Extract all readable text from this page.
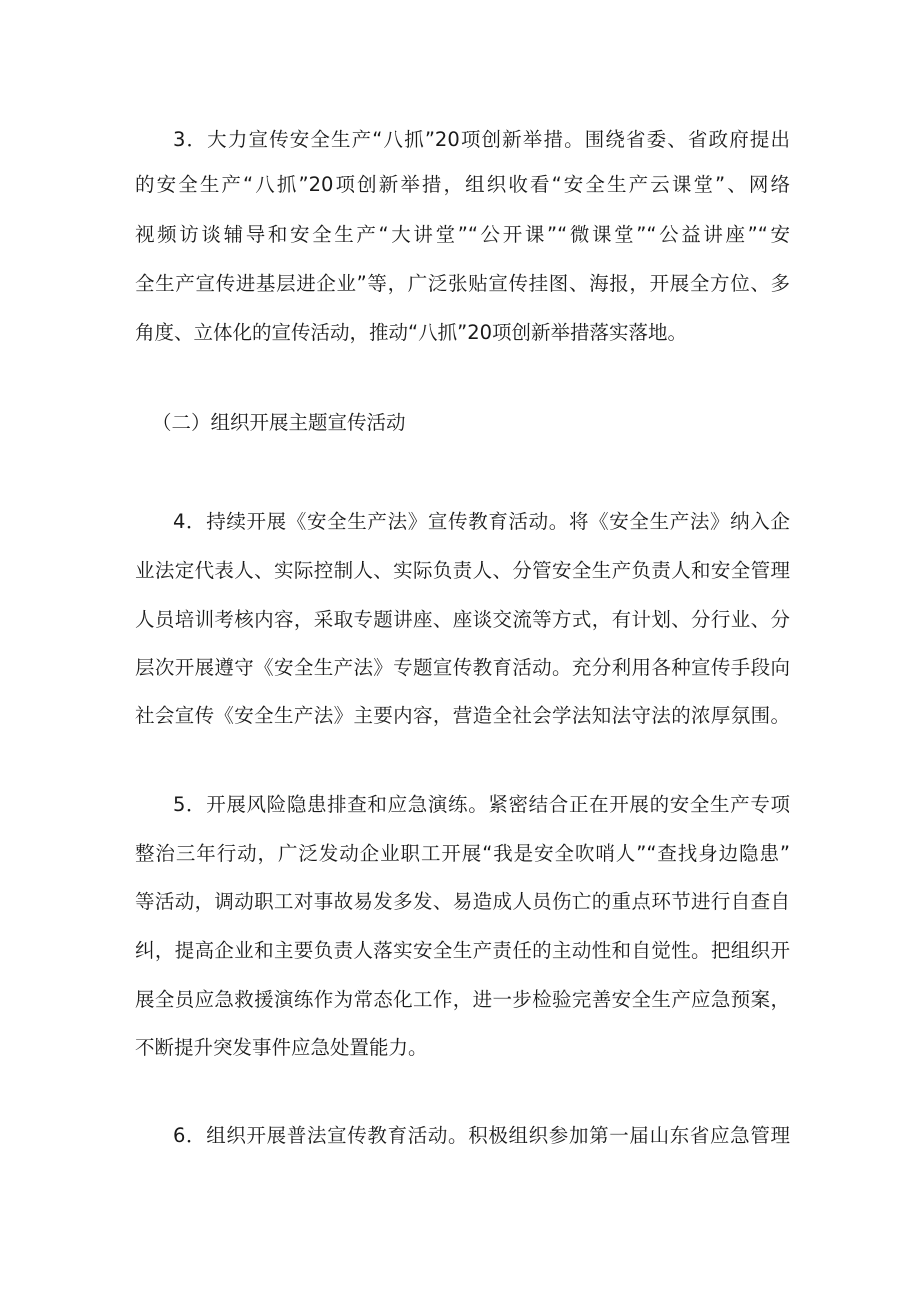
3．大力宣传安全生产“八抓”20项创新举措。围绕省委、省政府提出
的安全生产“八抓”20项创新举措，组织收看“安全生产云课堂”、网络
视频访谈辅导和安全生产“大讲堂”“公开课”“微课堂”“公益讲座”“安
全生产宣传进基层进企业”等，广泛张贴宣传挂图、海报，开展全方位、多
角度、立体化的宣传活动，推动“八抓”20项创新举措落实落地。
（二）组织开展主题宣传活动
4．持续开展《安全生产法》宣传教育活动。将《安全生产法》纳入企
业法定代表人、实际控制人、实际负责人、分管安全生产负责人和安全管理
人员培训考核内容，采取专题讲座、座谈交流等方式，有计划、分行业、分
层次开展遵守《安全生产法》专题宣传教育活动。充分利用各种宣传手段向
社会宣传《安全生产法》主要内容，营造全社会学法知法守法的浓厚氛围。
5．开展风险隐患排查和应急演练。紧密结合正在开展的安全生产专项
整治三年行动，广泛发动企业职工开展“我是安全吹哨人”“查找身边隐患”
等活动，调动职工对事故易发多发、易造成人员伤亡的重点环节进行自查自
纠，提高企业和主要负责人落实安全生产责任的主动性和自觉性。把组织开
展全员应急救援演练作为常态化工作，进一步检验完善安全生产应急预案，
不断提升突发事件应急处置能力。
6．组织开展普法宣传教育活动。积极组织参加第一届山东省应急管理
